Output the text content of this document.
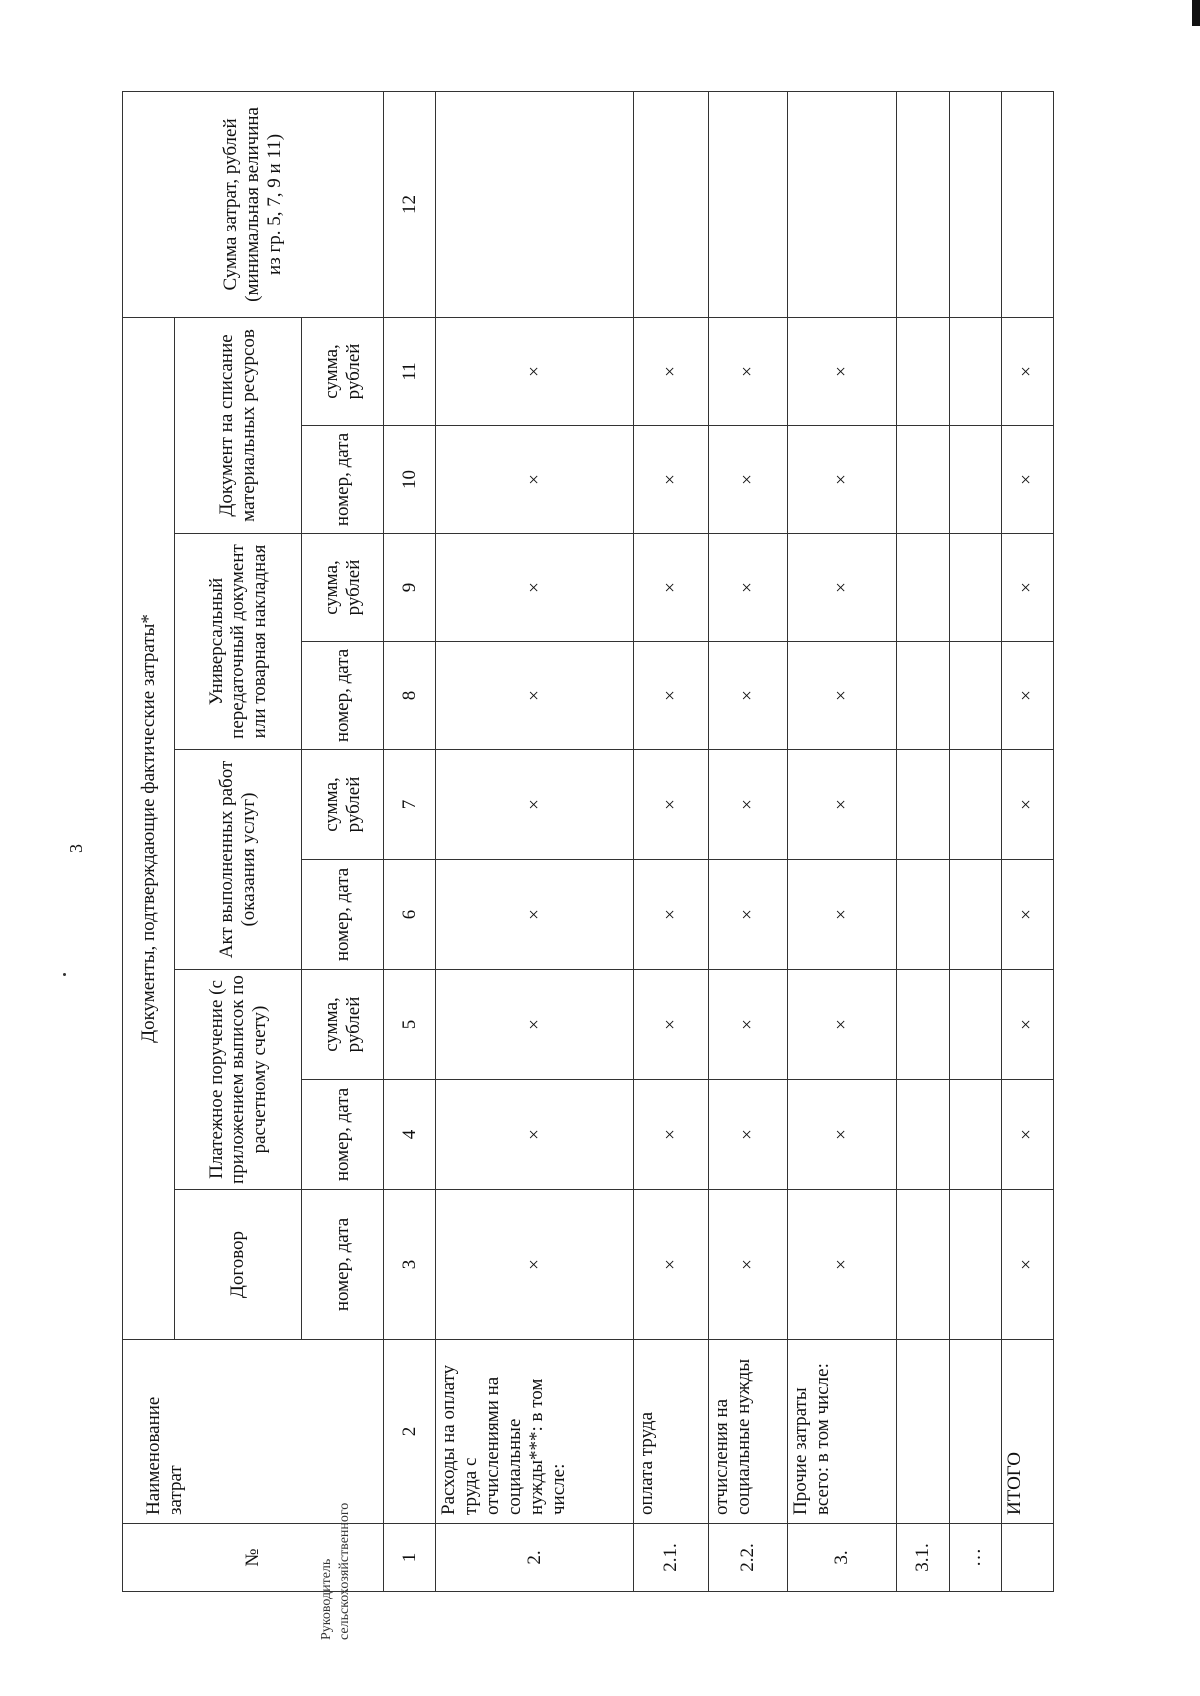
3
№	Наименование затрат	Документы, подтверждающие фактические затраты*									Сумма затрат, рублей (минимальная величина из гр. 5, 7, 9 и 11)
		Договор	Платежное поручение (с приложением выписок по расчетному счету)		Акт выполненных работ (оказания услуг)		Универсальный передаточный документ или товарная накладная		Документ на списание материальных ресурсов		
		номер, дата	номер, дата	сумма, рублей	номер, дата	сумма, рублей	номер, дата	сумма, рублей	номер, дата	сумма, рублей	
1	2	3	4	5	6	7	8	9	10	11	12
2.	Расходы на оплату труда с отчислениями на социальные нужды***: в том числе:	×	×	×	×	×	×	×	×	×	
2.1.	оплата труда	×	×	×	×	×	×	×	×	×	
2.2.	отчисления на социальные нужды	×	×	×	×	×	×	×	×	×	
3.	Прочие затраты всего: в том числе:	×	×	×	×	×	×	×	×	×	
3.1.											
…											
	ИТОГО	×	×	×	×	×	×	×	×	×	
Руководитель сельскохозяйственного
